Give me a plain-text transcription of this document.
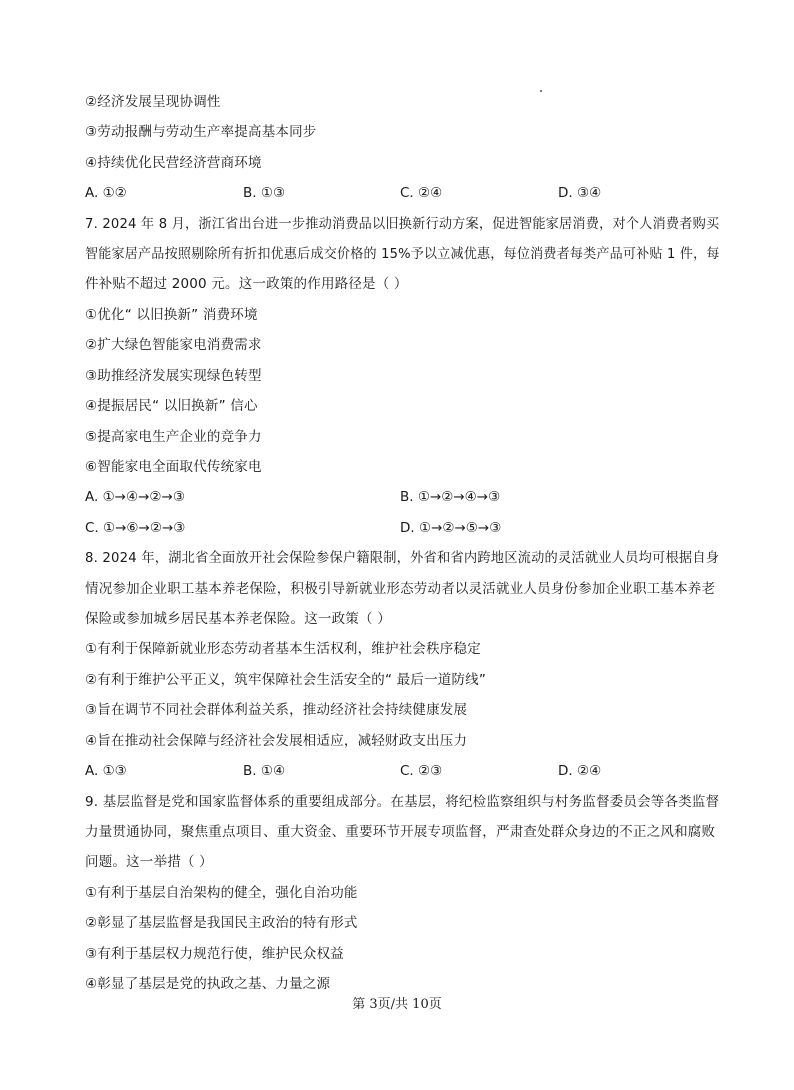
②经济发展呈现协调性
③劳动报酬与劳动生产率提高基本同步
④持续优化民营经济营商环境
A. ①②	B. ①③	C. ②④	D. ③④
7. 2024 年 8 月，浙江省出台进一步推动消费品以旧换新行动方案，促进智能家居消费，对个人消费者购买
智能家居产品按照剔除所有折扣优惠后成交价格的 15%予以立减优惠，每位消费者每类产品可补贴 1 件，每
件补贴不超过 2000 元。这一政策的作用路径是（ ）
①优化“ 以旧换新” 消费环境
②扩大绿色智能家电消费需求
③助推经济发展实现绿色转型
④提振居民“ 以旧换新” 信心
⑤提高家电生产企业的竞争力
⑥智能家电全面取代传统家电
A. ①→④→②→③	B. ①→②→④→③
C. ①→⑥→②→③	D. ①→②→⑤→③
8. 2024 年，湖北省全面放开社会保险参保户籍限制，外省和省内跨地区流动的灵活就业人员均可根据自身
情况参加企业职工基本养老保险，积极引导新就业形态劳动者以灵活就业人员身份参加企业职工基本养老
保险或参加城乡居民基本养老保险。这一政策（ ）
①有利于保障新就业形态劳动者基本生活权利，维护社会秩序稳定
②有利于维护公平正义，筑牢保障社会生活安全的“ 最后一道防线”
③旨在调节不同社会群体利益关系，推动经济社会持续健康发展
④旨在推动社会保障与经济社会发展相适应，减轻财政支出压力
A. ①③	B. ①④	C. ②③	D. ②④
9. 基层监督是党和国家监督体系的重要组成部分。在基层，将纪检监察组织与村务监督委员会等各类监督
力量贯通协同，聚焦重点项目、重大资金、重要环节开展专项监督，严肃查处群众身边的不正之风和腐败
问题。这一举措（ ）
①有利于基层自治架构的健全，强化自治功能
②彰显了基层监督是我国民主政治的特有形式
③有利于基层权力规范行使，维护民众权益
④彰显了基层是党的执政之基、力量之源
第 3页/共 10页
